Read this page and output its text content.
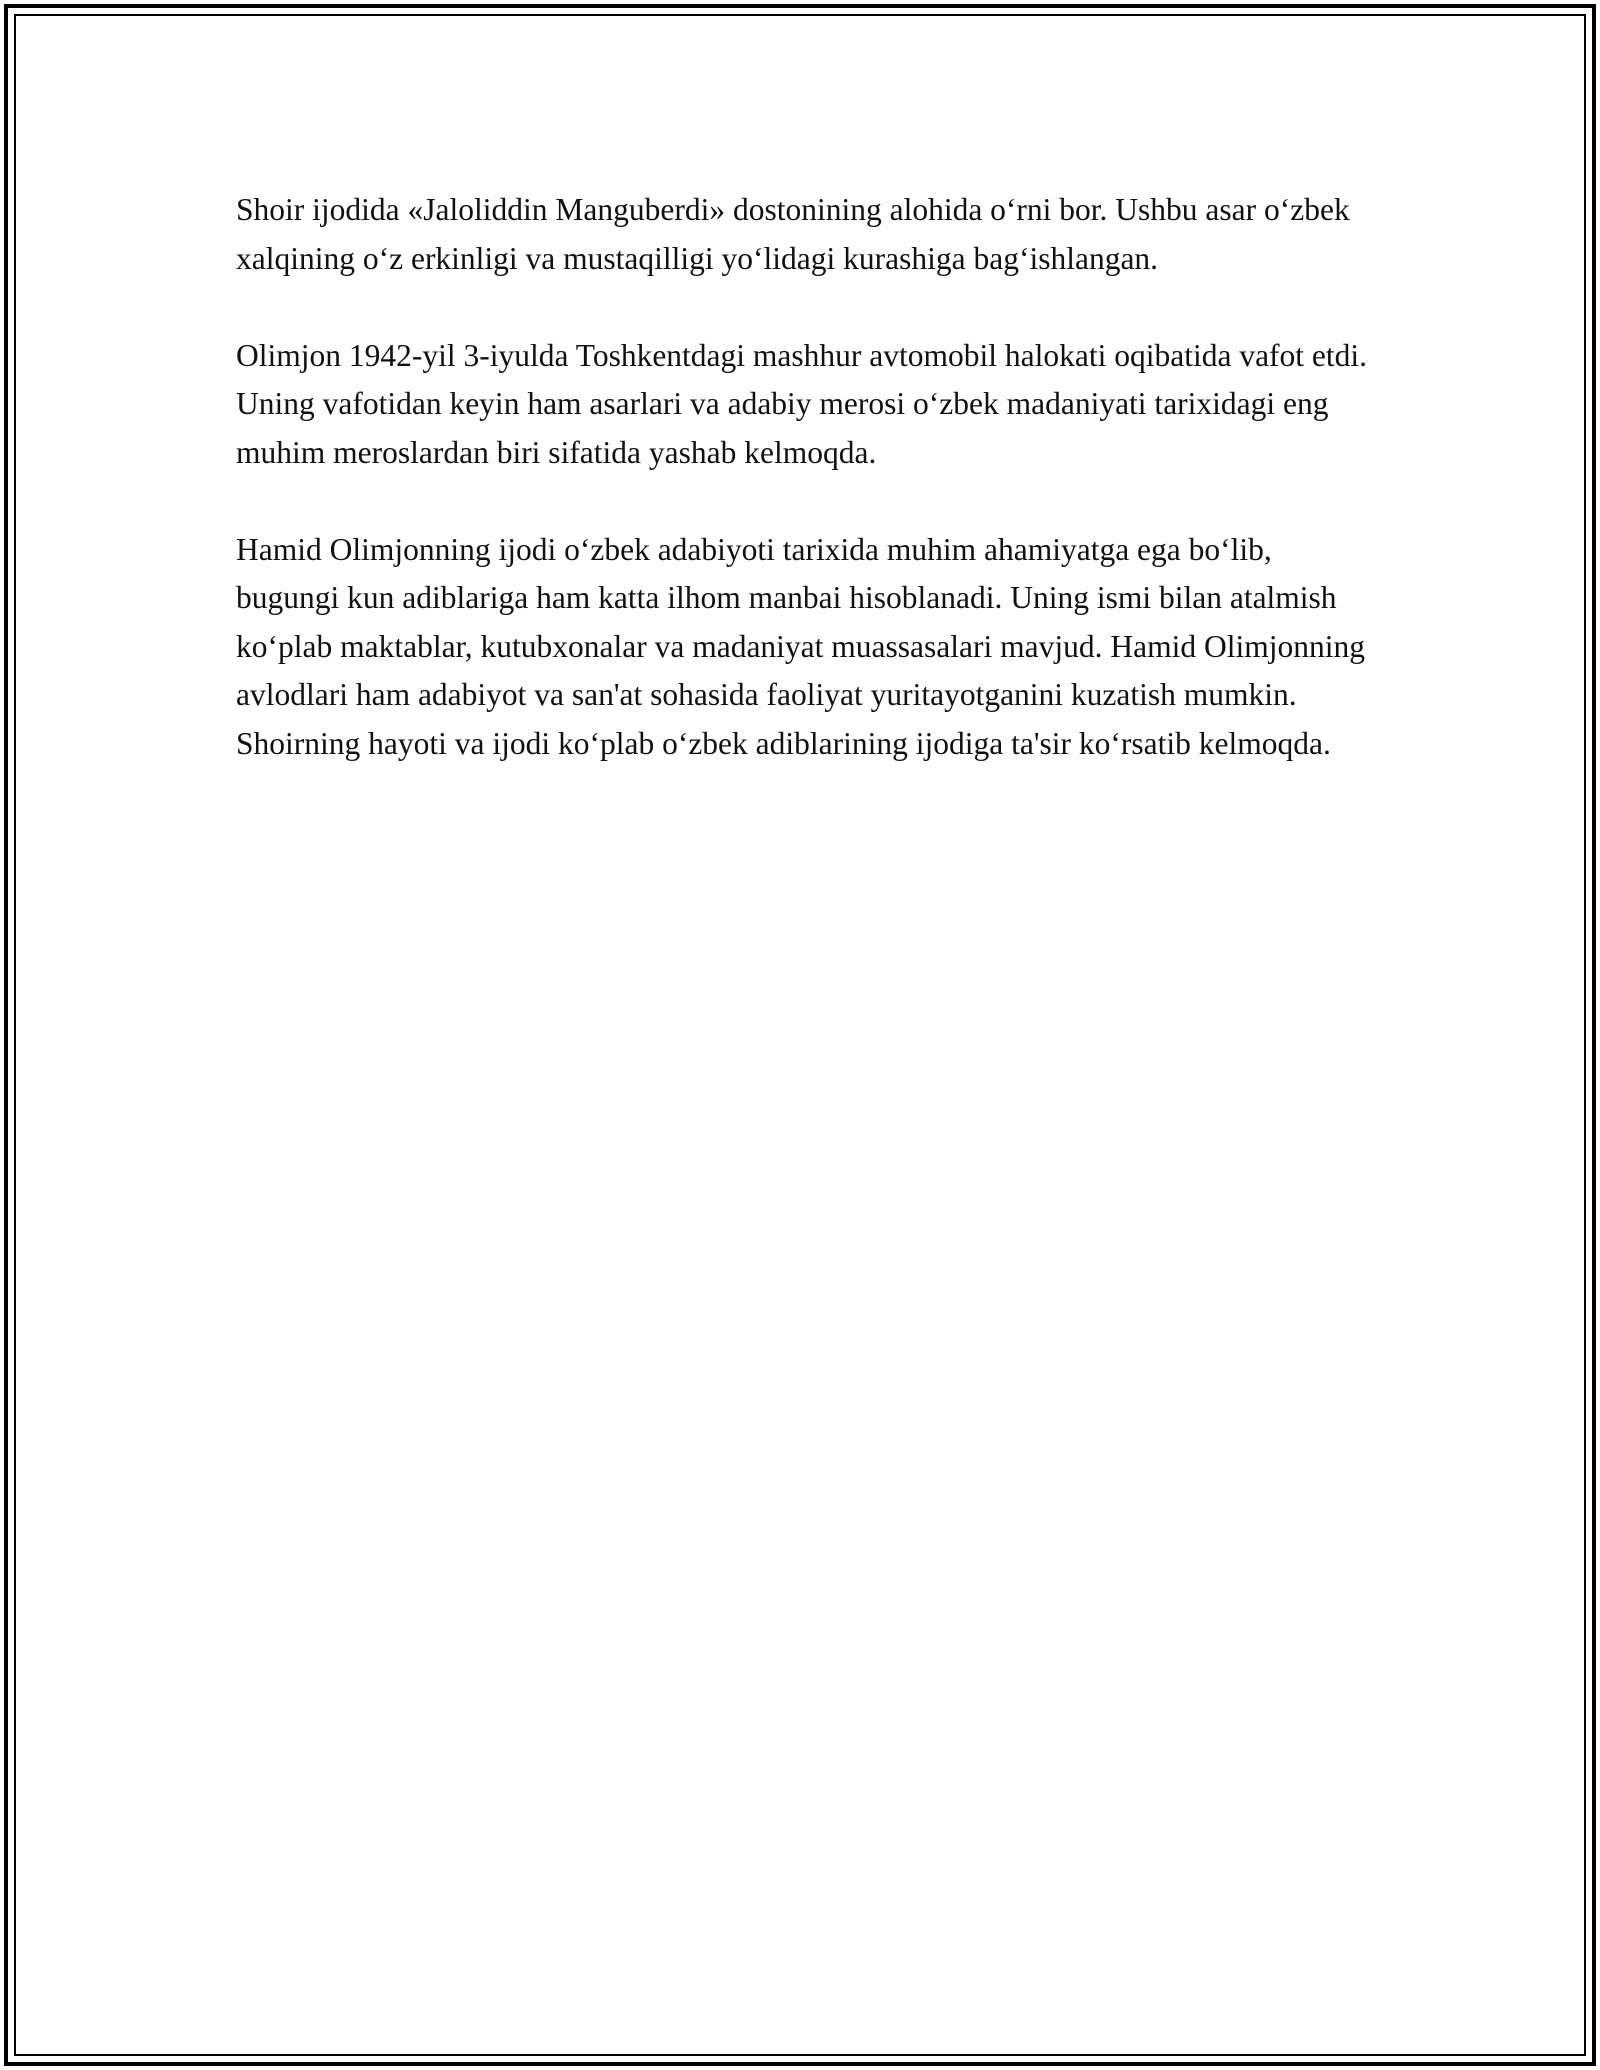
Shoir ijodida «Jaloliddin Manguberdi» dostonining alohida o‘rni bor. Ushbu asar o‘zbek xalqining o‘z erkinligi va mustaqilligi yo‘lidagi kurashiga bag‘ishlangan.

Olimjon 1942-yil 3-iyulda Toshkentdagi mashhur avtomobil halokati oqibatida vafot etdi. Uning vafotidan keyin ham asarlari va adabiy merosi o‘zbek madaniyati tarixidagi eng muhim meroslardan biri sifatida yashab kelmoqda.

Hamid Olimjonning ijodi o‘zbek adabiyoti tarixida muhim ahamiyatga ega bo‘lib, bugungi kun adiblariga ham katta ilhom manbai hisoblanadi. Uning ismi bilan atalmish ko‘plab maktablar, kutubxonalar va madaniyat muassasalari mavjud. Hamid Olimjonning avlodlari ham adabiyot va san'at sohasida faoliyat yuritayotganini kuzatish mumkin. Shoirning hayoti va ijodi ko‘plab o‘zbek adiblarining ijodiga ta'sir ko‘rsatib kelmoqda.
